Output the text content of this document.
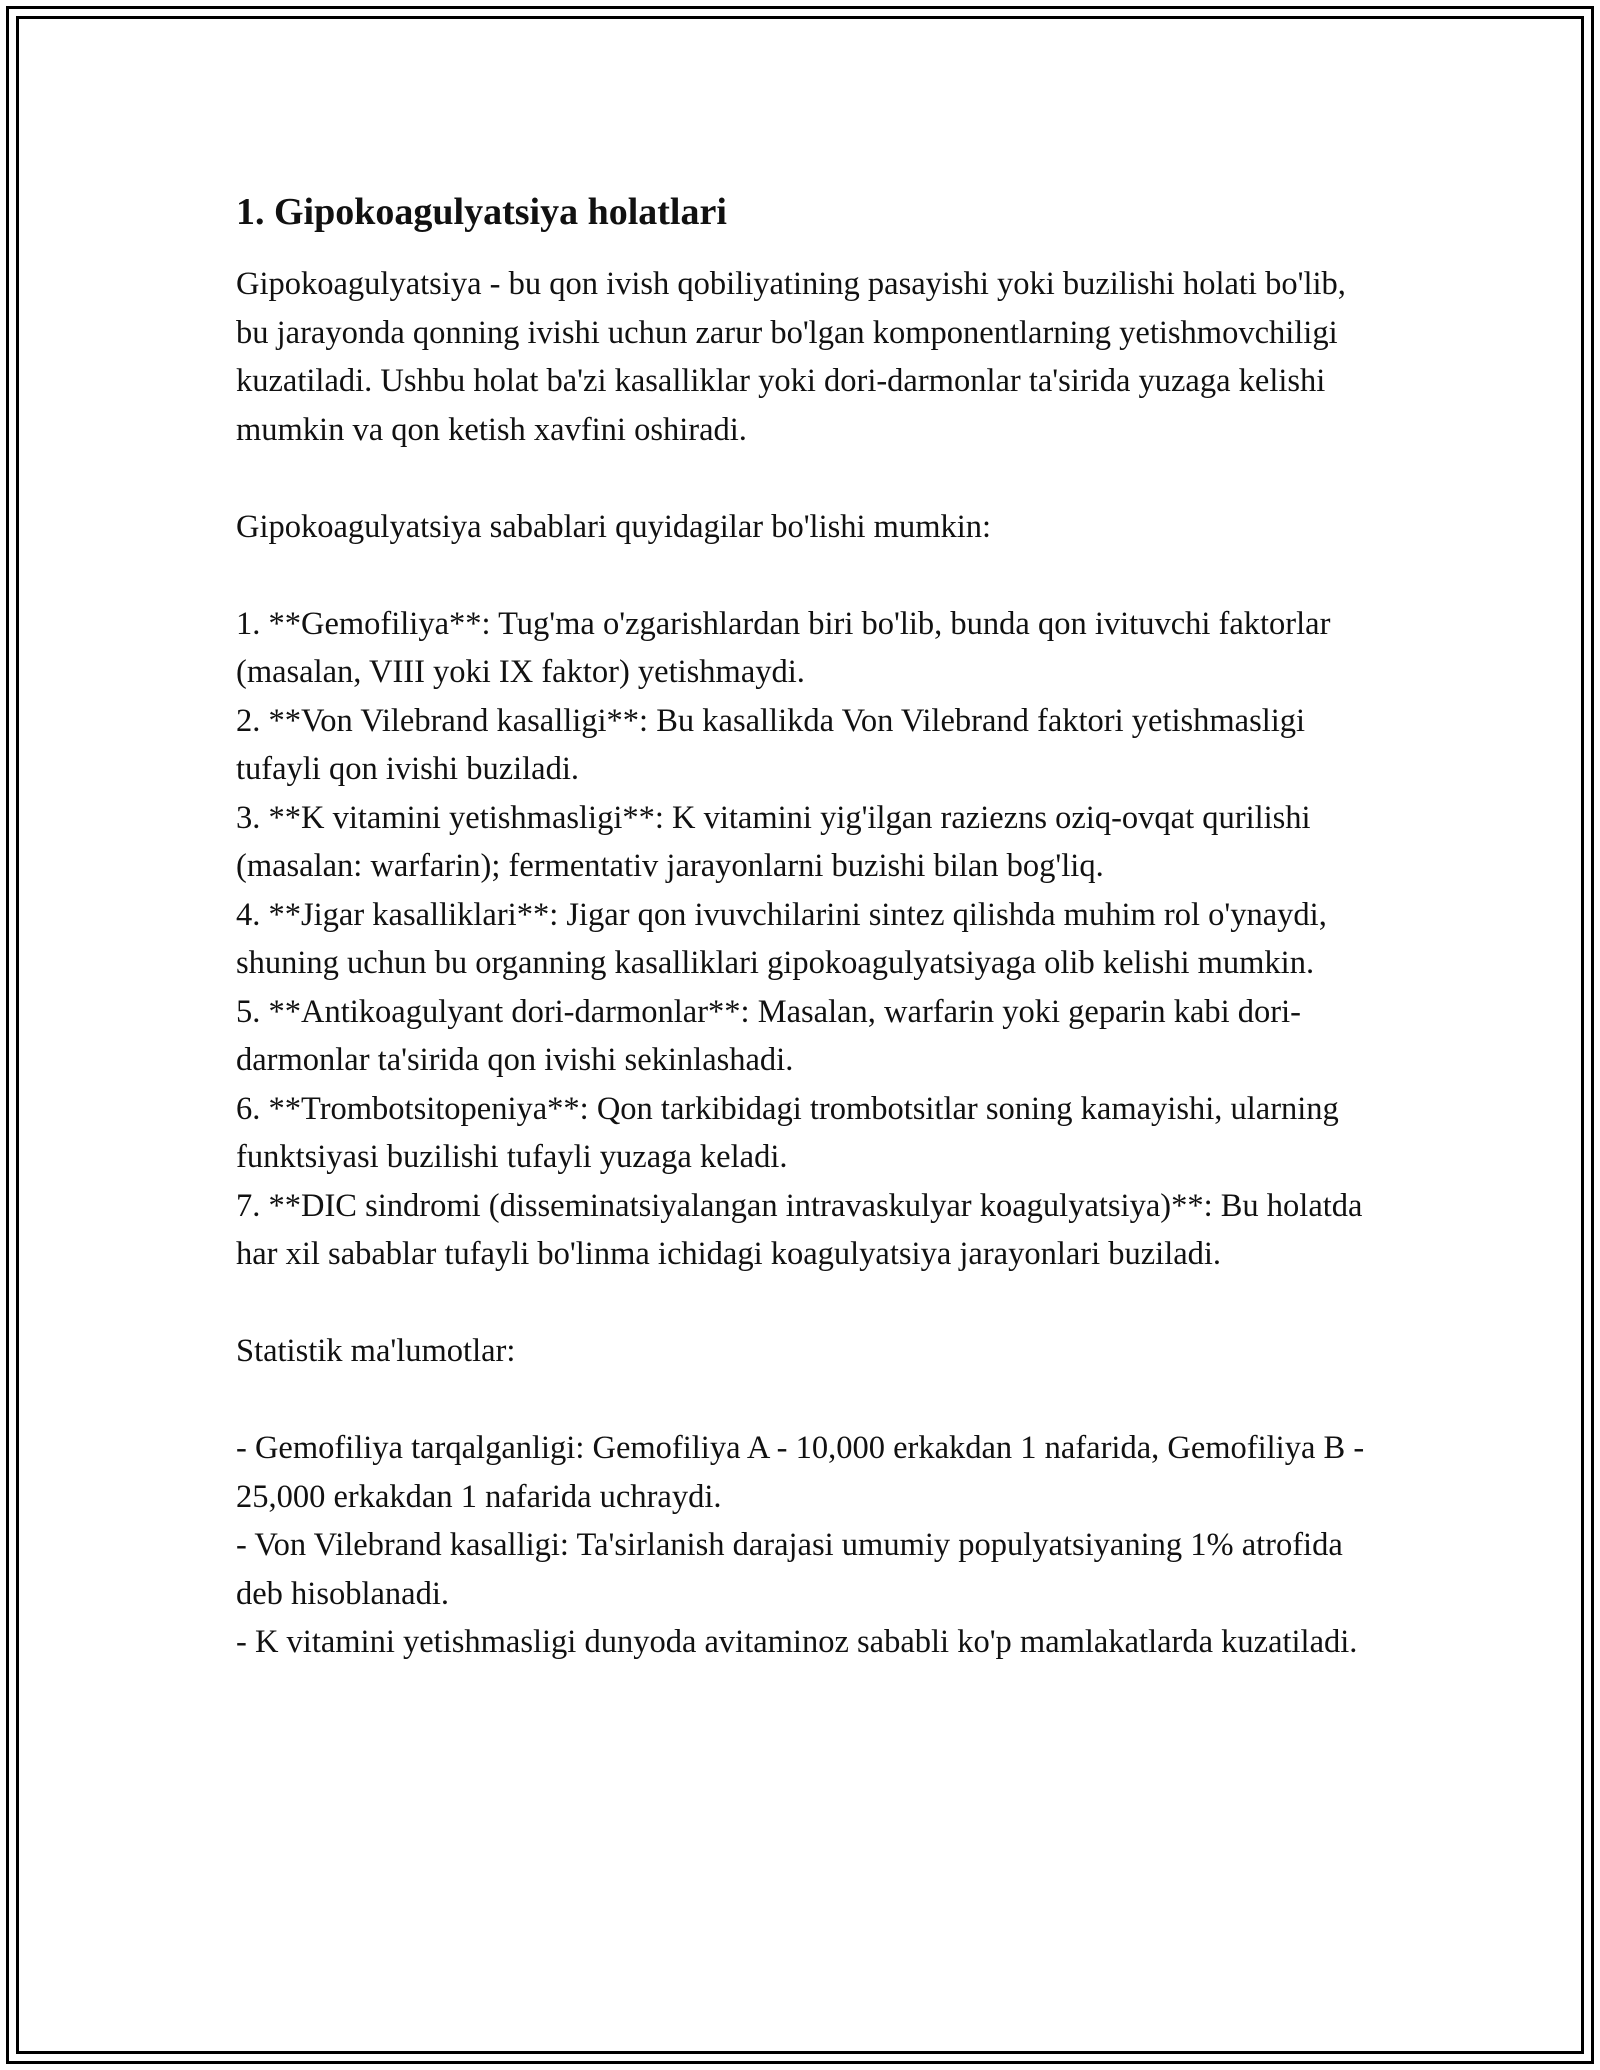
1. Gipokoagulyatsiya holatlari

Gipokoagulyatsiya - bu qon ivish qobiliyatining pasayishi yoki buzilishi holati bo'lib, bu jarayonda qonning ivishi uchun zarur bo'lgan komponentlarning yetishmovchiligi kuzatiladi. Ushbu holat ba'zi kasalliklar yoki dori-darmonlar ta'sirida yuzaga kelishi mumkin va qon ketish xavfini oshiradi.

Gipokoagulyatsiya sabablari quyidagilar bo'lishi mumkin:

1. **Gemofiliya**: Tug'ma o'zgarishlardan biri bo'lib, bunda qon ivituvchi faktorlar (masalan, VIII yoki IX faktor) yetishmaydi.

2. **Von Vilebrand kasalligi**: Bu kasallikda Von Vilebrand faktori yetishmasligi tufayli qon ivishi buziladi.

3. **K vitamini yetishmasligi**: K vitamini yig'ilgan raziezns oziq-ovqat qurilishi (masalan: warfarin); fermentativ jarayonlarni buzishi bilan bog'liq.

4. **Jigar kasalliklari**: Jigar qon ivuvchilarini sintez qilishda muhim rol o'ynaydi, shuning uchun bu organning kasalliklari gipokoagulyatsiyaga olib kelishi mumkin.

5. **Antikoagulyant dori-darmonlar**: Masalan, warfarin yoki geparin kabi dori-darmonlar ta'sirida qon ivishi sekinlashadi.

6. **Trombotsitopeniya**: Qon tarkibidagi trombotsitlar soning kamayishi, ularning funktsiyasi buzilishi tufayli yuzaga keladi.

7. **DIC sindromi (disseminatsiyalangan intravaskulyar koagulyatsiya)**: Bu holatda har xil sabablar tufayli bo'linma ichidagi koagulyatsiya jarayonlari buziladi.

Statistik ma'lumotlar:

- Gemofiliya tarqalganligi: Gemofiliya A - 10,000 erkakdan 1 nafarida, Gemofiliya B - 25,000 erkakdan 1 nafarida uchraydi.

- Von Vilebrand kasalligi: Ta'sirlanish darajasi umumiy populyatsiyaning 1% atrofida deb hisoblanadi.

- K vitamini yetishmasligi dunyoda avitaminoz sababli ko'p mamlakatlarda kuzatiladi.
